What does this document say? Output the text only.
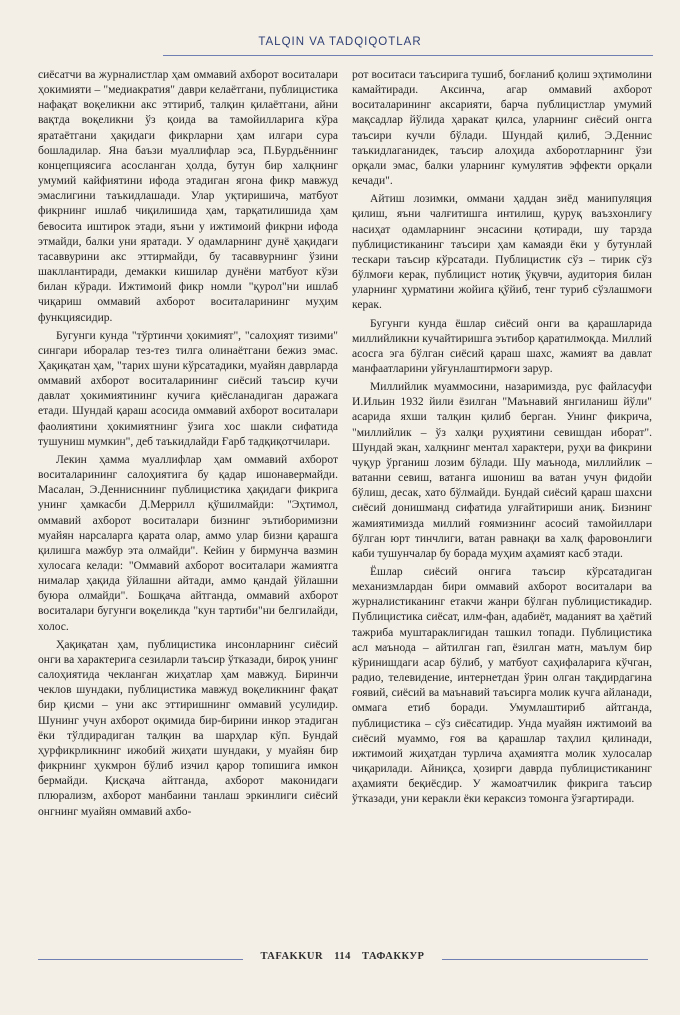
TALQIN VA TADQIQOTLAR

сиёсатчи ва журналистлар ҳам оммавий ахборот воситалари ҳокимияти – "медиакратия" даври келаётгани, публицистика нафақат воқеликни акс эттириб, талқин қилаётгани, айни вақтда воқеликни ўз қоида ва тамойилларига кўра яратаётгани ҳақидаги фикрларни ҳам илгари сура бошладилар. Яна баъзи муаллифлар эса, П.Бурдьённинг концепциясига асосланган ҳолда, бутун бир халқнинг умумий кайфиятини ифода этадиган ягона фикр мавжуд эмаслигини таъкидлашади. Улар уқтиришича, матбуот фикрнинг ишлаб чиқилишида ҳам, тарқатилишида ҳам бевосита иштирок этади, яъни у ижтимоий фикрни ифода этмайди, балки уни яратади. У одамларнинг дунё ҳақидаги тасаввурини акс эттирмайди, бу тасаввурнинг ўзини шакллантиради, демакки кишилар дунёни матбуот кўзи билан кўради. Ижтимоий фикр номли "қурол"ни ишлаб чиқариш оммавий ахборот воситаларининг муҳим функциясидир.

Бугунги кунда "тўртинчи ҳокимият", "салоҳият тизими" сингари иборалар тез-тез тилга олинаётгани бежиз эмас. Ҳақиқатан ҳам, "тарих шуни кўрсатадики, муайян даврларда оммавий ахборот воситаларининг сиёсий таъсир кучи давлат ҳокимиятининг кучига қиёсланадиган даражага етади. Шундай қараш асосида оммавий ахборот воситалари фаолиятини ҳокимиятнинг ўзига хос шакли сифатида тушуниш мумкин", деб таъкидлайди Ғарб тадқиқотчилари.

Лекин ҳамма муаллифлар ҳам оммавий ахборот воситаларининг салоҳиятига бу қадар ишонавермайди. Масалан, Э.Деннисннинг публицистика ҳақидаги фикрига унинг ҳамкасби Д.Меррилл қўшилмайди: "Эҳтимол, оммавий ахборот воситалари бизнинг эътиборимизни муайян нарсаларга қарата олар, аммо улар бизни қарашга қилишга мажбур эта олмайди". Кейин у бирмунча вазмин хулосага келади: "Оммавий ахборот воситалари жамиятга нималар ҳақида ўйлашни айтади, аммо қандай ўйлашни буюра олмайди". Бошқача айтганда, оммавий ахборот воситалари бугунги воқеликда "кун тартиби"ни белгилайди, холос.

Ҳақиқатан ҳам, публицистика инсонларнинг сиёсий онги ва характерига сезиларли таъсир ўтказади, бироқ унинг салоҳиятида чекланган жиҳатлар ҳам мавжуд. Биринчи чеклов шундаки, публицистика мавжуд воқеликнинг фақат бир қисми – уни акс эттиришнинг оммавий усулидир. Шунинг учун ахборот оқимида бир-бирини инкор этадиган ёки тўлдирадиган талқин ва шарҳлар кўп. Бундай ҳурфикрликнинг ижобий жиҳати шундаки, у муайян бир фикрнинг ҳукмрон бўлиб изчил қарор топишига имкон бермайди. Қисқача айтганда, ахборот маконидаги плюрализм, ахборот манбаини танлаш эркинлиги сиёсий онгнинг муайян оммавий ахбо-

рот воситаси таъсирига тушиб, боғланиб қолиш эҳтимолини камайтиради. Аксинча, агар оммавий ахборот воситаларининг аксарияти, барча публицистлар умумий мақсадлар йўлида ҳаракат қилса, уларнинг сиёсий онгга таъсири кучли бўлади. Шундай қилиб, Э.Деннис таъкидлаганидек, таъсир алоҳида ахборотларнинг ўзи орқали эмас, балки уларнинг кумулятив эффекти орқали кечади".

Айтиш лозимки, оммани ҳаддан зиёд манипуляция қилиш, яъни чалғитишга интилиш, қуруқ ваъзхонлигу насиҳат одамларнинг энсасини қотиради, шу тарзда публицистиканинг таъсири ҳам камаяди ёки у бутунлай тескари таъсир кўрсатади. Публицистик сўз – тирик сўз бўлмоғи керак, публицист нотиқ ўқувчи, аудитория билан уларнинг ҳурматини жойига қўйиб, тенг туриб сўзлашмоғи керак.

Бугунги кунда ёшлар сиёсий онги ва қарашларида миллийликни кучайтиришга эътибор қаратилмоқда. Миллий асосга эга бўлган сиёсий қараш шахс, жамият ва давлат манфаатларини уйғунлаштирмоғи зарур.

Миллийлик муаммосини, назаримизда, рус файласуфи И.Ильин 1932 йили ёзилган "Маънавий янгиланиш йўли" асарида яхши талқин қилиб берган. Унинг фикрича, "миллийлик – ўз халқи руҳиятини севишдан иборат". Шундай экан, халқнинг ментал характери, руҳи ва фикрини чуқур ўрганиш лозим бўлади. Шу маънода, миллийлик – ватанни севиш, ватанга ишониш ва ватан учун фидойи бўлиш, десак, хато бўлмайди. Бундай сиёсий қараш шахсни сиёсий донишманд сифатида улғайтириши аниқ. Бизнинг жамиятимизда миллий ғоямизнинг асосий тамойиллари бўлган юрт тинчлиги, ватан равнақи ва халқ фаровонлиги каби тушунчалар бу борада муҳим аҳамият касб этади.

Ёшлар сиёсий онгига таъсир кўрсатадиган механизмлардан бири оммавий ахборот воситалари ва журналистиканинг етакчи жанри бўлган публицистикадир. Публицистика сиёсат, илм-фан, адабиёт, маданият ва ҳаётий тажриба муштараклигидан ташкил топади. Публицистика асл маънода – айтилган гап, ёзилган матн, маълум бир кўринишдаги асар бўлиб, у матбуот саҳифаларига кўчган, радио, телевидение, интернетдан ўрин олган тақдирдагина ғоявий, сиёсий ва маънавий таъсирга молик кучга айланади, оммага етиб боради. Умумлаштириб айтганда, публицистика – сўз сиёсатидир. Унда муайян ижтимоий ва сиёсий муаммо, ғоя ва қарашлар таҳлил қилинади, ижтимоий жиҳатдан турлича аҳамиятга молик хулосалар чиқарилади. Айниқса, ҳозирги даврда публицистиканинг аҳамияти беқиёсдир. У жамоатчилик фикрига таъсир ўтказади, уни керакли ёки кераксиз томонга ўзгартиради.

TAFAKKUR 114 ТАФАККУР
